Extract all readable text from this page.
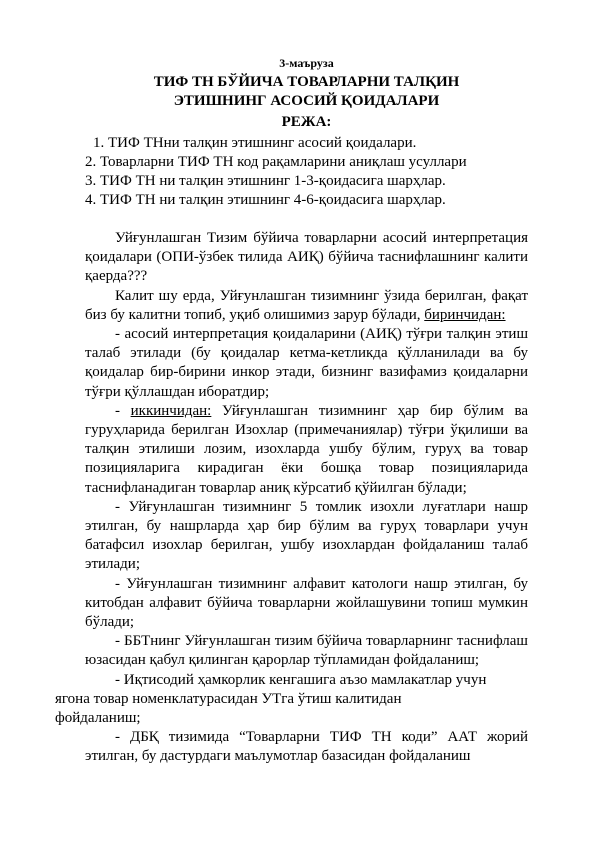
3-маъруза
ТИФ ТН БЎЙИЧА ТОВАРЛАРНИ ТАЛҚИН
ЭТИШНИНГ АСОСИЙ ҚОИДАЛАРИ
РЕЖА:
1. ТИФ ТНни талқин этишнинг асосий қоидалари.
2. Товарларни ТИФ ТН код рақамларини аниқлаш усуллари
3. ТИФ ТН ни талқин этишнинг 1-3-қоидасига шарҳлар.
4. ТИФ ТН ни талқин этишнинг 4-6-қоидасига шарҳлар.

Уйғунлашган Тизим бўйича товарларни асосий интерпретация қоидалари (ОПИ-ўзбек тилида АИҚ) бўйича таснифлашнинг калити қаерда???

Калит шу ерда, Уйғунлашган тизимнинг ўзида берилган, фақат биз бу калитни топиб, уқиб олишимиз зарур бўлади, биринчидан:

- асосий интерпретация қоидаларини (АИҚ) тўғри талқин этиш талаб этилади (бу қоидалар кетма-кетликда қўлланилади ва бу қоидалар бир-бирини инкор этади, бизнинг вазифамиз қоидаларни тўғри қўллашдан иборатдир;

- иккинчидан: Уйғунлашган тизимнинг ҳар бир бўлим ва гуруҳларида берилган Изохлар (примечаниялар) тўғри ўқилиши ва талқин этилиши лозим, изохларда ушбу бўлим, гуруҳ ва товар позицияларига кирадиган ёки бошқа товар позицияларида таснифланадиган товарлар аниқ кўрсатиб қўйилган бўлади;

- Уйғунлашган тизимнинг 5 томлик изохли луғатлари нашр этилган, бу нашрларда ҳар бир бўлим ва гуруҳ товарлари учун батафсил изохлар берилган, ушбу изохлардан фойдаланиш талаб этилади;

- Уйғунлашган тизимнинг алфавит катологи нашр этилган, бу китобдан алфавит бўйича товарларни жойлашувини топиш мумкин бўлади;

- ББТнинг Уйғунлашган тизим бўйича товарларнинг таснифлаш юзасидан қабул қилинган қарорлар тўпламидан фойдаланиш;

- Иқтисодий ҳамкорлик кенгашига аъзо мамлакатлар учун
ягона товар номенклатурасидан УТга ўтиш калитидан
фойдаланиш;

- ДБҚ тизимида “Товарларни ТИФ ТН коди” ААТ жорий этилган, бу дастурдаги маълумотлар базасидан фойдаланиш
